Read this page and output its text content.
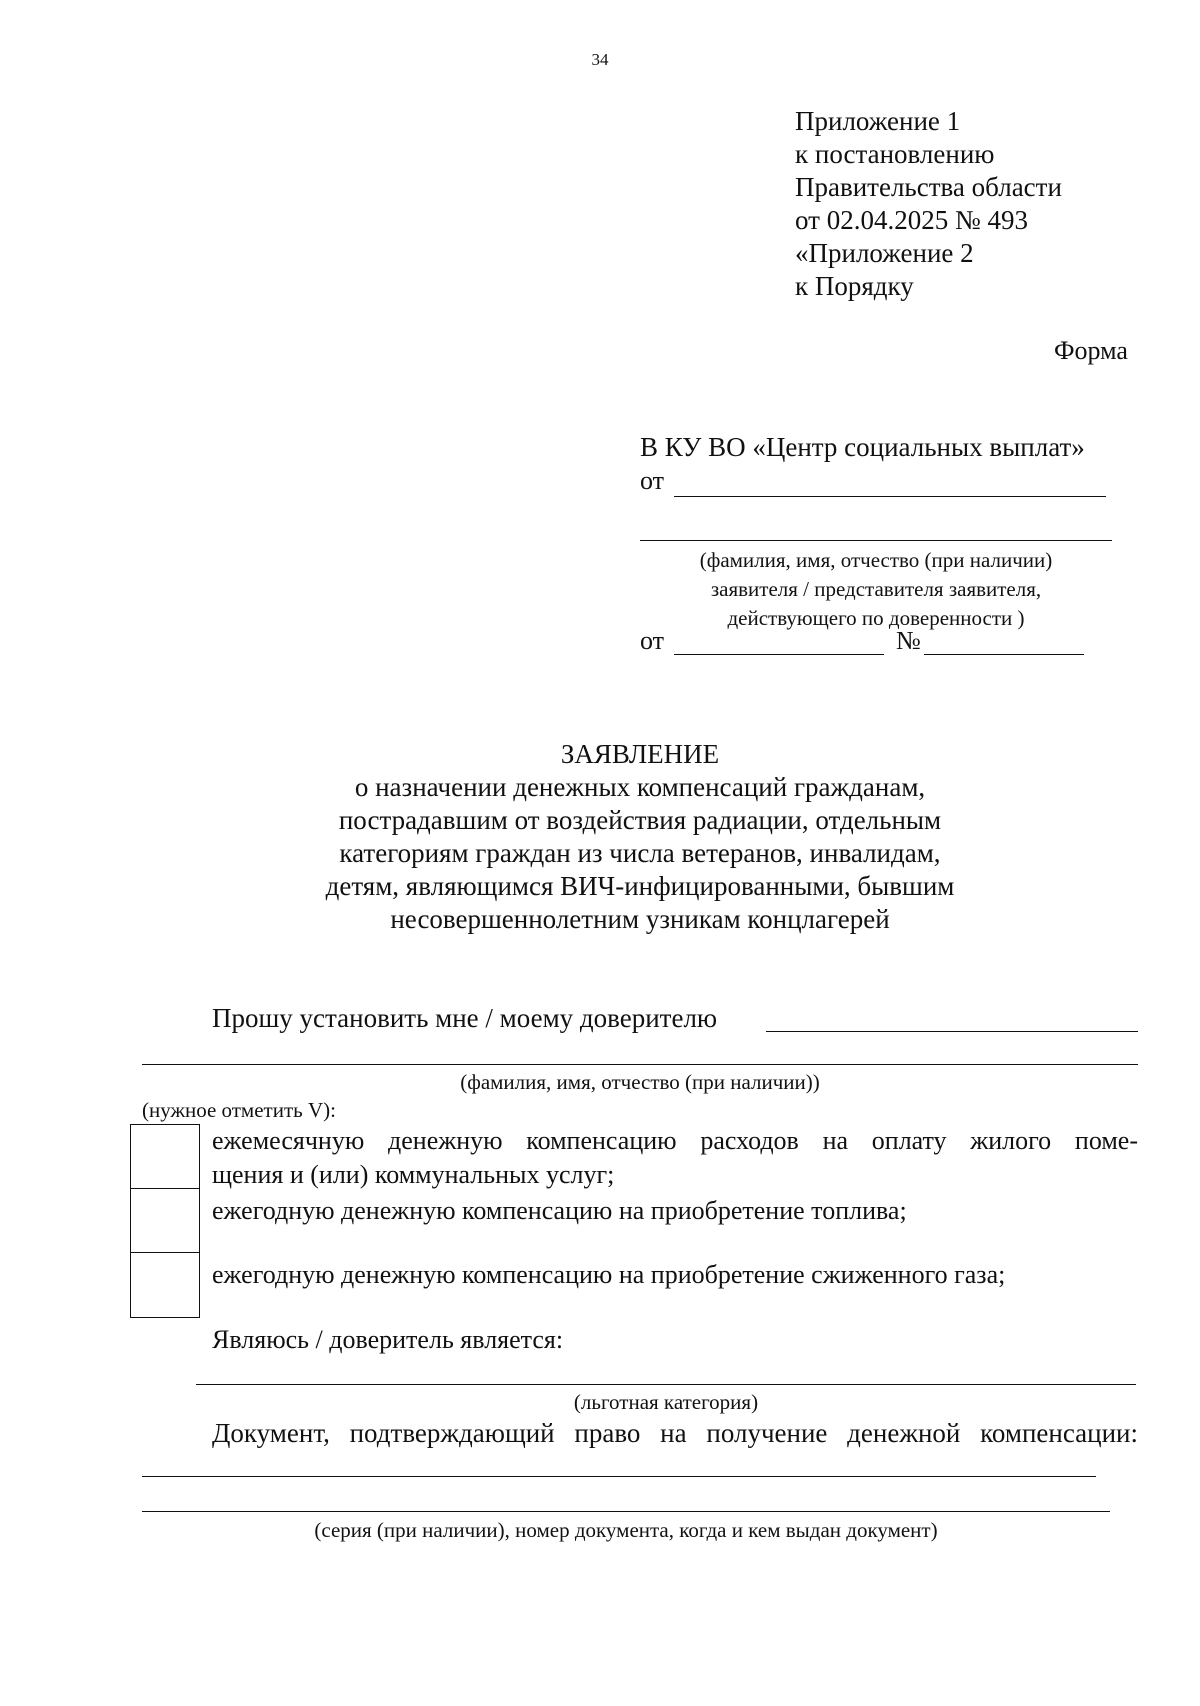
34
Приложение 1
к постановлению
Правительства области
от 02.04.2025 № 493
«Приложение 2
к Порядку
Форма
В КУ ВО «Центр социальных выплат»
от
(фамилия, имя, отчество (при наличии)
заявителя / представителя заявителя,
действующего по доверенности )
от	№
ЗАЯВЛЕНИЕ
о назначении денежных компенсаций гражданам,
пострадавшим от воздействия радиации, отдельным
категориям граждан из числа ветеранов, инвалидам,
детям, являющимся ВИЧ-инфицированными, бывшим
несовершеннолетним узникам концлагерей
Прошу установить мне / моему доверителю
(фамилия, имя, отчество (при наличии))
(нужное отметить V):
ежемесячную денежную компенсацию расходов на оплату жилого поме-
щения и (или) коммунальных услуг;
ежегодную денежную компенсацию на приобретение топлива;
ежегодную денежную компенсацию на приобретение сжиженного газа;
Являюсь / доверитель является:
(льготная категория)
Документ, подтверждающий право на получение денежной компенсации:
(серия (при наличии), номер документа, когда и кем выдан документ)
